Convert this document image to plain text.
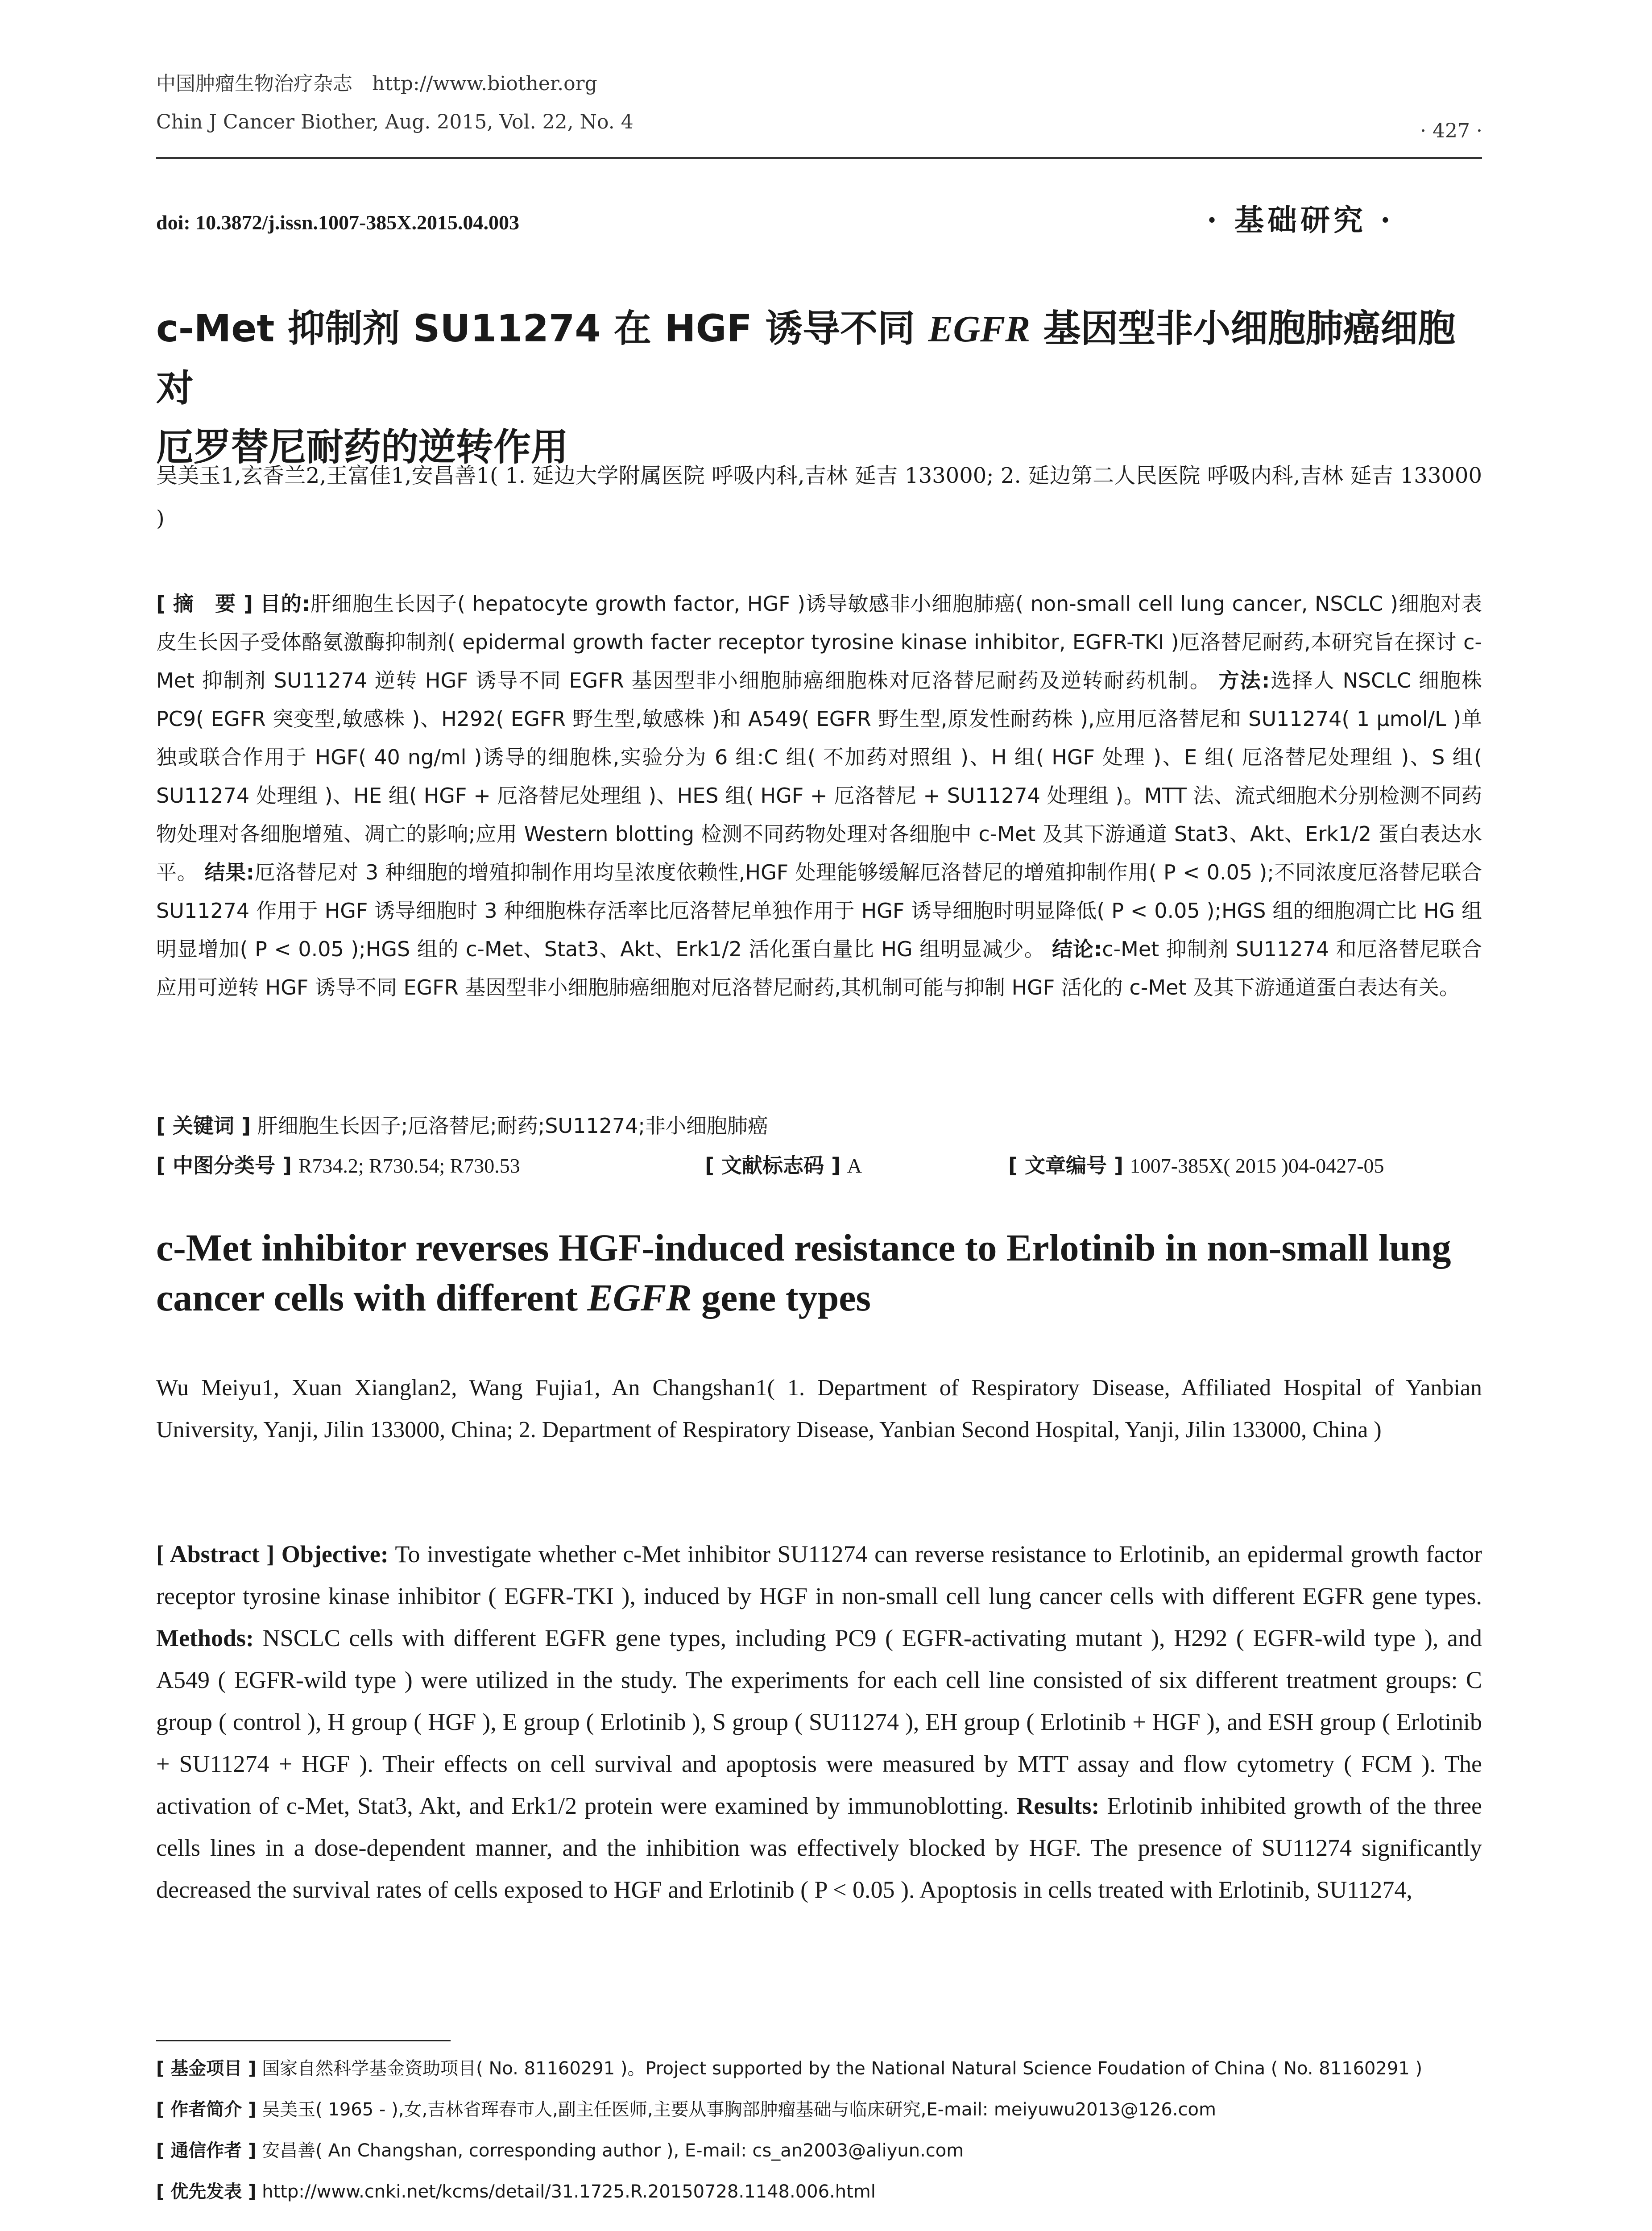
中国肿瘤生物治疗杂志　http://www.biother.org
Chin J Cancer Biother, Aug. 2015, Vol. 22, No. 4	· 427 ·
doi: 10.3872/j.issn.1007-385X.2015.04.003	· 基础研究 ·
c-Met 抑制剂 SU11274 在 HGF 诱导不同 EGFR 基因型非小细胞肺癌细胞对
厄罗替尼耐药的逆转作用
吴美玉1,玄香兰2,王富佳1,安昌善1( 1. 延边大学附属医院 呼吸内科,吉林 延吉 133000; 2. 延边第二人民医院 呼吸内科,吉林 延吉 133000 )
[ 摘　要 ] 目的:肝细胞生长因子( hepatocyte growth factor, HGF )诱导敏感非小细胞肺癌( non-small cell lung cancer, NSCLC )细胞对表皮生长因子受体酪氨激酶抑制剂( epidermal growth facter receptor tyrosine kinase inhibitor, EGFR-TKI )厄洛替尼耐药,本研究旨在探讨 c-Met 抑制剂 SU11274 逆转 HGF 诱导不同 EGFR 基因型非小细胞肺癌细胞株对厄洛替尼耐药及逆转耐药机制。 方法:选择人 NSCLC 细胞株 PC9( EGFR 突变型,敏感株 )、H292( EGFR 野生型,敏感株 )和 A549( EGFR 野生型,原发性耐药株 ),应用厄洛替尼和 SU11274( 1 μmol/L )单独或联合作用于 HGF( 40 ng/ml )诱导的细胞株,实验分为 6 组:C 组( 不加药对照组 )、H 组( HGF 处理 )、E 组( 厄洛替尼处理组 )、S 组( SU11274 处理组 )、HE 组( HGF + 厄洛替尼处理组 )、HES 组( HGF + 厄洛替尼 + SU11274 处理组 )。MTT 法、流式细胞术分别检测不同药物处理对各细胞增殖、凋亡的影响;应用 Western blotting 检测不同药物处理对各细胞中 c-Met 及其下游通道 Stat3、Akt、Erk1/2 蛋白表达水平。 结果:厄洛替尼对 3 种细胞的增殖抑制作用均呈浓度依赖性,HGF 处理能够缓解厄洛替尼的增殖抑制作用( P < 0.05 );不同浓度厄洛替尼联合 SU11274 作用于 HGF 诱导细胞时 3 种细胞株存活率比厄洛替尼单独作用于 HGF 诱导细胞时明显降低( P < 0.05 );HGS 组的细胞凋亡比 HG 组明显增加( P < 0.05 );HGS 组的 c-Met、Stat3、Akt、Erk1/2 活化蛋白量比 HG 组明显减少。 结论:c-Met 抑制剂 SU11274 和厄洛替尼联合应用可逆转 HGF 诱导不同 EGFR 基因型非小细胞肺癌细胞对厄洛替尼耐药,其机制可能与抑制 HGF 活化的 c-Met 及其下游通道蛋白表达有关。
[ 关键词 ] 肝细胞生长因子;厄洛替尼;耐药;SU11274;非小细胞肺癌
[ 中图分类号 ] R734.2; R730.54; R730.53	[ 文献标志码 ] A	[ 文章编号 ] 1007-385X( 2015 )04-0427-05
c-Met inhibitor reverses HGF-induced resistance to Erlotinib in non-small lung
cancer cells with different EGFR gene types
Wu Meiyu1, Xuan Xianglan2, Wang Fujia1, An Changshan1( 1. Department of Respiratory Disease, Affiliated Hospital of Yanbian University, Yanji, Jilin 133000, China; 2. Department of Respiratory Disease, Yanbian Second Hospital, Yanji, Jilin 133000, China )
[ Abstract ] Objective: To investigate whether c-Met inhibitor SU11274 can reverse resistance to Erlotinib, an epidermal growth factor receptor tyrosine kinase inhibitor ( EGFR-TKI ), induced by HGF in non-small cell lung cancer cells with different EGFR gene types. Methods: NSCLC cells with different EGFR gene types, including PC9 ( EGFR-activating mutant ), H292 ( EGFR-wild type ), and A549 ( EGFR-wild type ) were utilized in the study. The experiments for each cell line consisted of six different treatment groups: C group ( control ), H group ( HGF ), E group ( Erlotinib ), S group ( SU11274 ), EH group ( Erlotinib + HGF ), and ESH group ( Erlotinib + SU11274 + HGF ). Their effects on cell survival and apoptosis were measured by MTT assay and flow cytometry ( FCM ). The activation of c-Met, Stat3, Akt, and Erk1/2 protein were examined by immunoblotting. Results: Erlotinib inhibited growth of the three cells lines in a dose-dependent manner, and the inhibition was effectively blocked by HGF. The presence of SU11274 significantly decreased the survival rates of cells exposed to HGF and Erlotinib ( P < 0.05 ). Apoptosis in cells treated with Erlotinib, SU11274,
[ 基金项目 ] 国家自然科学基金资助项目( No. 81160291 )。Project supported by the National Natural Science Foudation of China ( No. 81160291 )
[ 作者简介 ] 吴美玉( 1965 - ),女,吉林省珲春市人,副主任医师,主要从事胸部肿瘤基础与临床研究,E-mail: meiyuwu2013@126.com
[ 通信作者 ] 安昌善( An Changshan, corresponding author ), E-mail: cs_an2003@aliyun.com
[ 优先发表 ] http://www.cnki.net/kcms/detail/31.1725.R.20150728.1148.006.html
